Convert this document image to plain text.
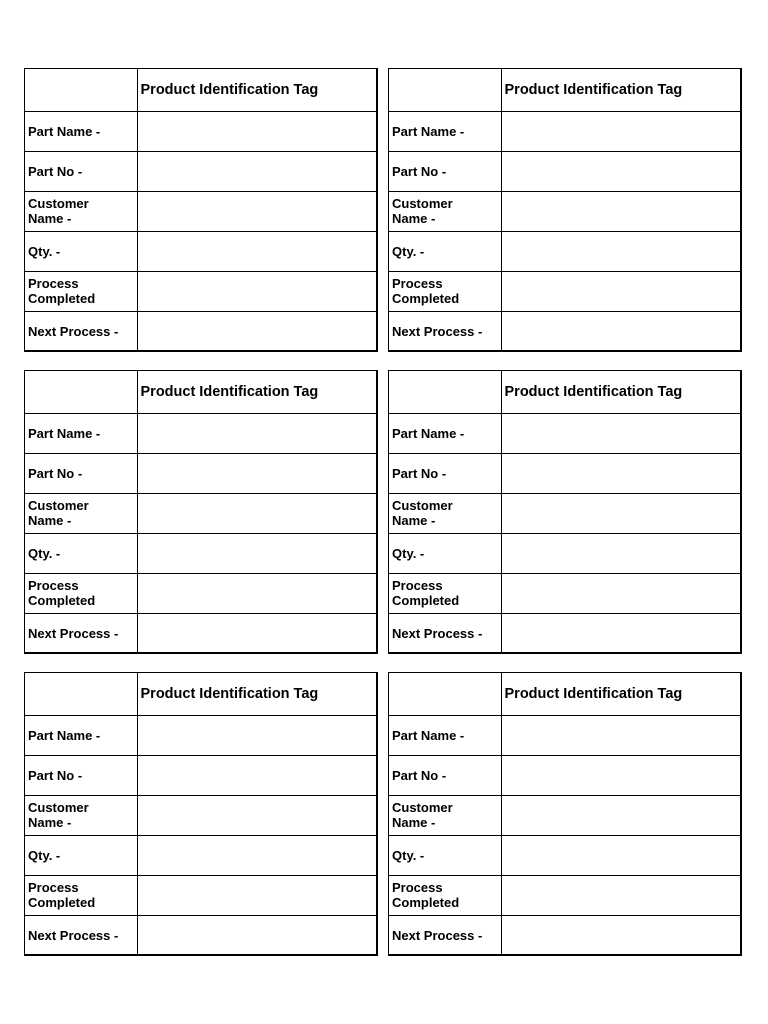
	Product Identification Tag
Part Name -	
Part No -	
Customer
Name -	
Qty. -	
Process
Completed	
Next Process -	
	Product Identification Tag
Part Name -	
Part No -	
Customer
Name -	
Qty. -	
Process
Completed	
Next Process -	
	Product Identification Tag
Part Name -	
Part No -	
Customer
Name -	
Qty. -	
Process
Completed	
Next Process -	
	Product Identification Tag
Part Name -	
Part No -	
Customer
Name -	
Qty. -	
Process
Completed	
Next Process -	
	Product Identification Tag
Part Name -	
Part No -	
Customer
Name -	
Qty. -	
Process
Completed	
Next Process -	
	Product Identification Tag
Part Name -	
Part No -	
Customer
Name -	
Qty. -	
Process
Completed	
Next Process -	
